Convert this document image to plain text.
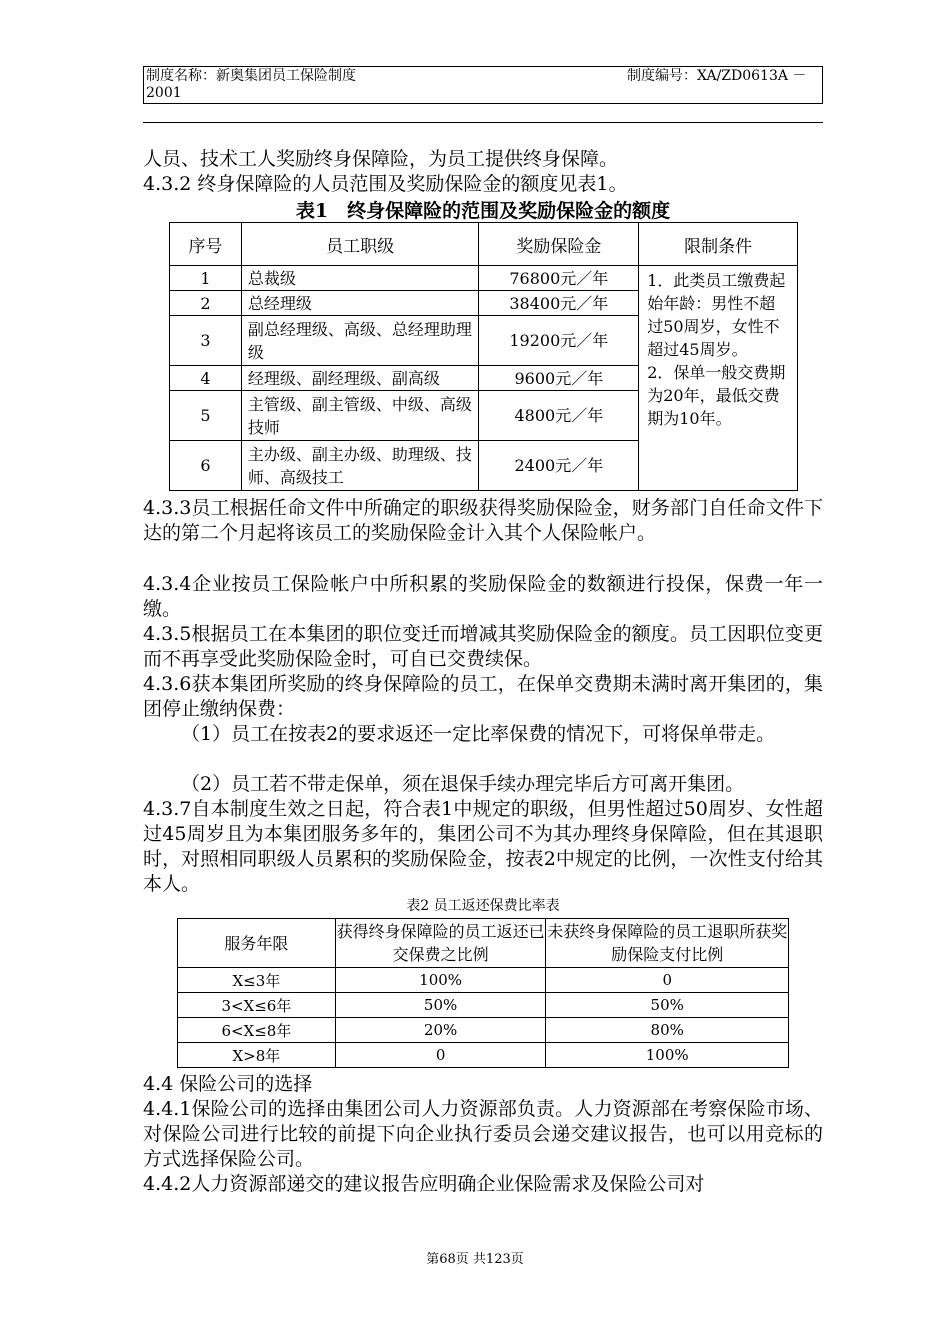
制度名称：新奥集团员工保险制度	制度编号：XA/ZD0613A －
2001

人员、技术工人奖励终身保障险，为员工提供终身保障。

4.3.2 终身保障险的人员范围及奖励保险金的额度见表1。

表1　终身保障险的范围及奖励保险金的额度

序号	员工职级	奖励保险金	限制条件
1	总裁级	76800元／年	1．此类员工缴费起始年龄：男性不超过50周岁，女性不超过45周岁。
2．保单一般交费期为20年，最低交费期为10年。

2	总经理级	38400元／年	
3	副总经理级、高级、总经理助理级	19200元／年	
4	经理级、副经理级、副高级	9600元／年	
5	主管级、副主管级、中级、高级技师	4800元／年	
6	主办级、副主办级、助理级、技师、高级技工	2400元／年	

4.3.3员工根据任命文件中所确定的职级获得奖励保险金，财务部门自任命文件下达的第二个月起将该员工的奖励保险金计入其个人保险帐户。

4.3.4企业按员工保险帐户中所积累的奖励保险金的数额进行投保，保费一年一缴。

4.3.5根据员工在本集团的职位变迁而增减其奖励保险金的额度。员工因职位变更而不再享受此奖励保险金时，可自已交费续保。

4.3.6获本集团所奖励的终身保障险的员工，在保单交费期未满时离开集团的，集团停止缴纳保费：

（1）员工在按表2的要求返还一定比率保费的情况下，可将保单带走。

（2）员工若不带走保单，须在退保手续办理完毕后方可离开集团。

4.3.7自本制度生效之日起，符合表1中规定的职级，但男性超过50周岁、女性超过45周岁且为本集团服务多年的，集团公司不为其办理终身保障险，但在其退职时，对照相同职级人员累积的奖励保险金，按表2中规定的比例，一次性支付给其本人。

表2 员工返还保费比率表

服务年限	获得终身保障险的员工返还已交保费之比例	未获终身保障险的员工退职所获奖励保险支付比例
X≤3年	100%	0
3<X≤6年	50%	50%
6<X≤8年	20%	80%
X>8年	0	100%

4.4 保险公司的选择

4.4.1保险公司的选择由集团公司人力资源部负责。人力资源部在考察保险市场、对保险公司进行比较的前提下向企业执行委员会递交建议报告，也可以用竞标的方式选择保险公司。

4.4.2人力资源部递交的建议报告应明确企业保险需求及保险公司对

第68页 共123页
